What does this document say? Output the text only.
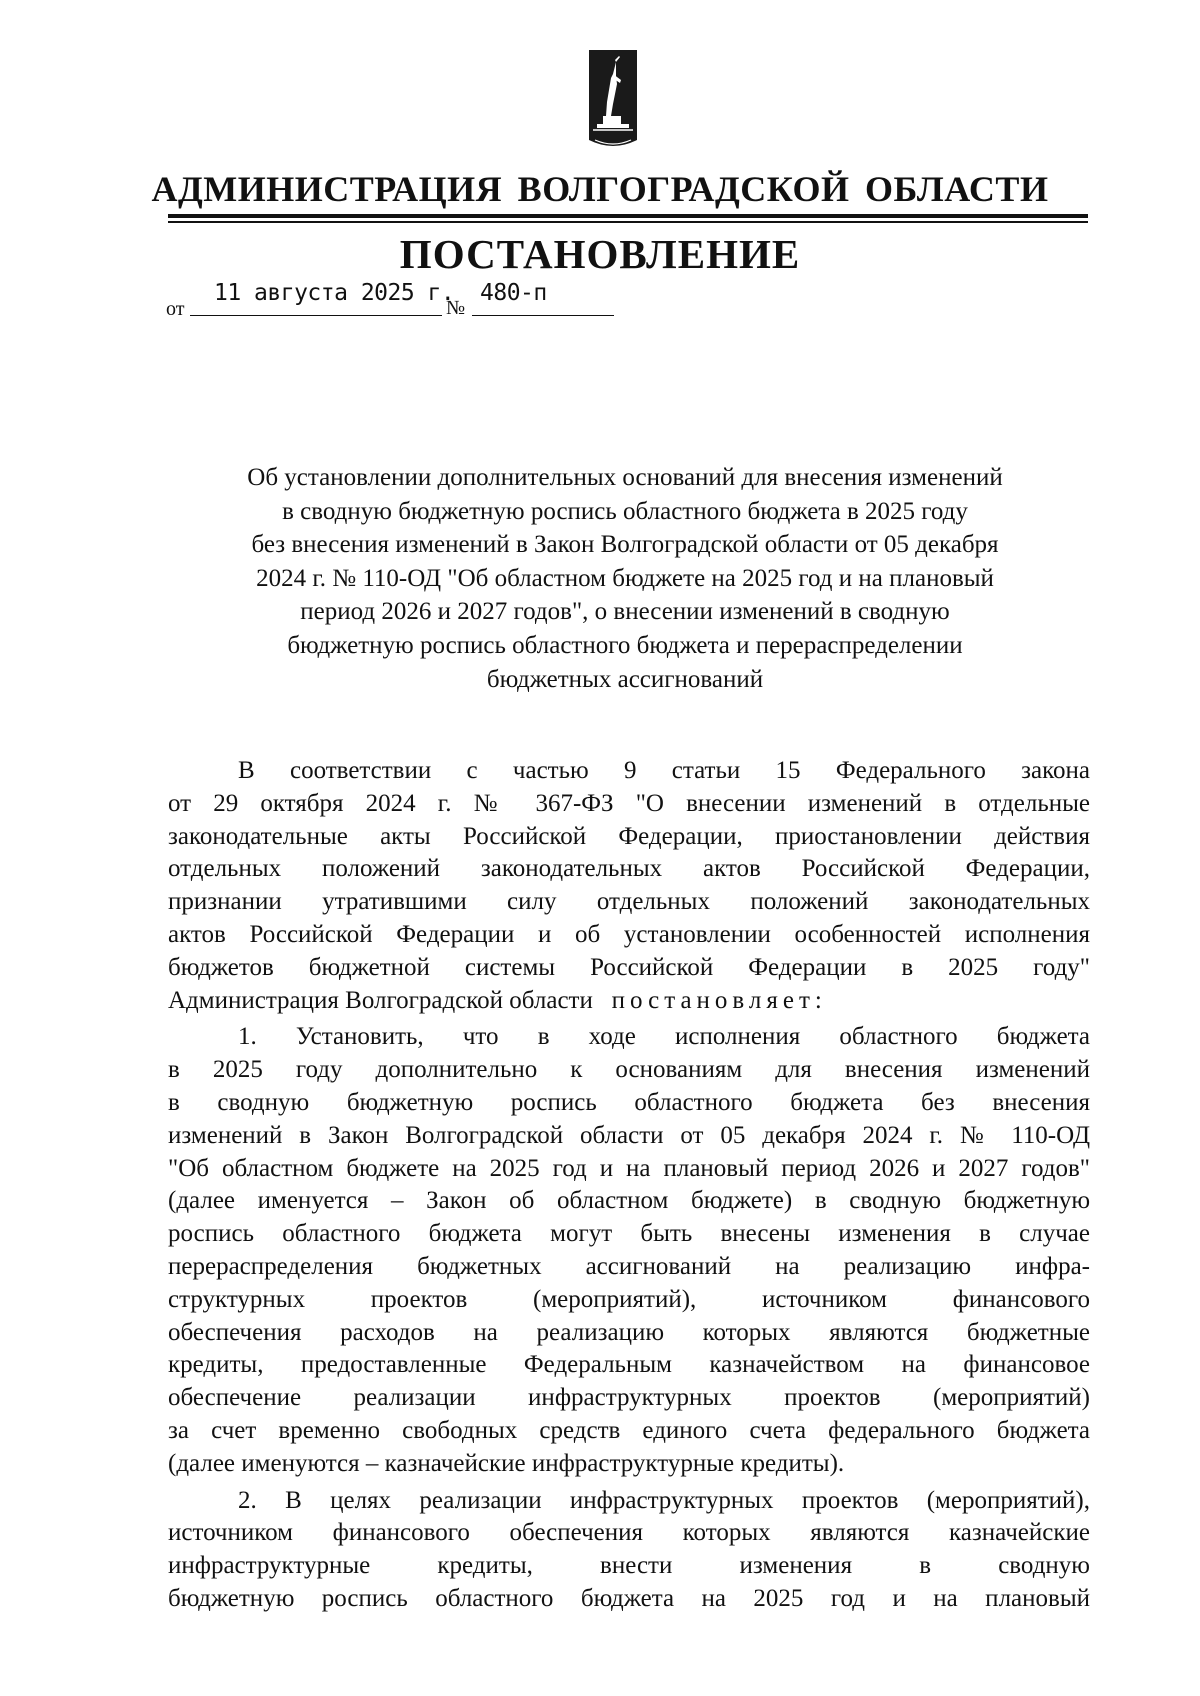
АДМИНИСТРАЦИЯ ВОЛГОГРАДСКОЙ ОБЛАСТИ
ПОСТАНОВЛЕНИЕ
от
11 августа 2025 г.
№
480-п
Об установлении дополнительных оснований для внесения изменений
в сводную бюджетную роспись областного бюджета в 2025 году
без внесения изменений в Закон Волгоградской области от 05 декабря
2024 г. № 110-ОД "Об областном бюджете на 2025 год и на плановый
период 2026 и 2027 годов", о внесении изменений в сводную
бюджетную роспись областного бюджета и перераспределении
бюджетных ассигнований
В соответствии с частью 9 статьи 15 Федерального закона
от 29 октября 2024 г. № 367-ФЗ "О внесении изменений в отдельные
законодательные акты Российской Федерации, приостановлении действия
отдельных положений законодательных актов Российской Федерации,
признании утратившими силу отдельных положений законодательных
актов Российской Федерации и об установлении особенностей исполнения
бюджетов бюджетной системы Российской Федерации в 2025 году"
Администрация Волгоградской области постановляет:
1. Установить, что в ходе исполнения областного бюджета
в 2025 году дополнительно к основаниям для внесения изменений
в сводную бюджетную роспись областного бюджета без внесения
изменений в Закон Волгоградской области от 05 декабря 2024 г. № 110-ОД
"Об областном бюджете на 2025 год и на плановый период 2026 и 2027 годов"
(далее именуется – Закон об областном бюджете) в сводную бюджетную
роспись областного бюджета могут быть внесены изменения в случае
перераспределения бюджетных ассигнований на реализацию инфра-
структурных проектов (мероприятий), источником финансового
обеспечения расходов на реализацию которых являются бюджетные
кредиты, предоставленные Федеральным казначейством на финансовое
обеспечение реализации инфраструктурных проектов (мероприятий)
за счет временно свободных средств единого счета федерального бюджета
(далее именуются – казначейские инфраструктурные кредиты).
2. В целях реализации инфраструктурных проектов (мероприятий),
источником финансового обеспечения которых являются казначейские
инфраструктурные кредиты, внести изменения в сводную
бюджетную роспись областного бюджета на 2025 год и на плановый
